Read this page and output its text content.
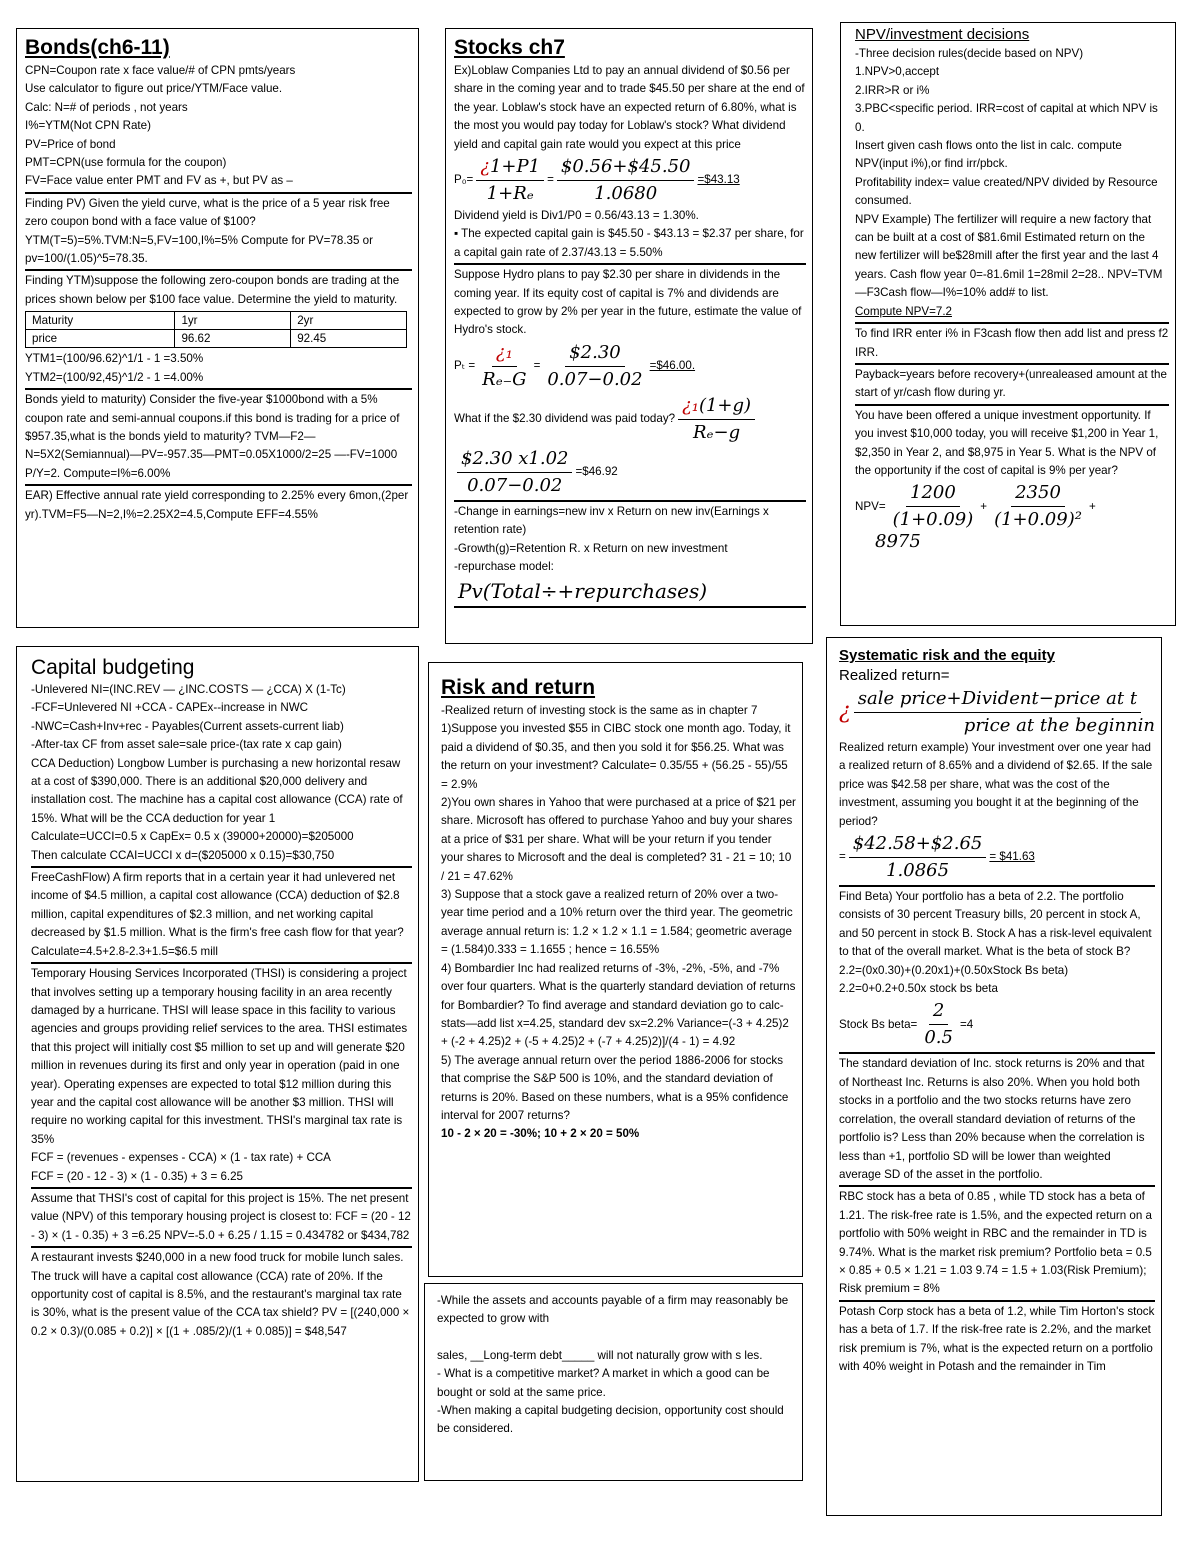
Bonds(ch6-11)
CPN=Coupon rate x face value/# of CPN pmts/years
Use calculator to figure out price/YTM/Face value.
Calc: N=# of periods , not years
I%=YTM(Not CPN Rate)
PV=Price of bond
PMT=CPN(use formula for the coupon)
FV=Face value enter PMT and FV as +, but PV as –
Finding PV) Given the yield curve, what is the price of a 5 year risk free zero coupon bond with a face value of $100?
YTM(T=5)=5%.TVM:N=5,FV=100,I%=5% Compute for PV=78.35 or pv=100/(1.05)^5=78.35.
Finding YTM)suppose the following zero-coupon bonds are trading at the prices shown below per $100 face value. Determine the yield to maturity.
Maturity	1yr	2yr
price	96.62	92.45
YTM1=(100/96.62)^1/1 - 1 =3.50%
YTM2=(100/92,45)^1/2 - 1 =4.00%
Bonds yield to maturity) Consider the five-year $1000bond with a 5% coupon rate and semi-annual coupons.if this bond is trading for a price of $957.35,what is the bonds yield to maturity? TVM—F2—N=5X2(Semiannual)—PV=-957.35—PMT=0.05X1000/2=25 —-FV=1000 P/Y=2. Compute=I%=6.00%
EAR) Effective annual rate yield corresponding to 2.25% every 6mon,(2per yr).TVM=F5—N=2,I%=2.25X2=4.5,Compute EFF=4.55%
Stocks ch7
Ex)Loblaw Companies Ltd to pay an annual dividend of $0.56 per share in the coming year and to trade $45.50 per share at the end of the year. Loblaw's stock have an expected return of 6.80%, what is the most you would pay today for Loblaw's stock? What dividend yield and capital gain rate would you expect at this price
$P_0= \frac{¿1+P1}{\text{1+Rₑ}} = \frac{\$0.56+\$45.50}{1.0680}$ =$43.13
Dividend yield is Div1/P0 = 0.56/43.13 = 1.30%.
▪ The expected capital gain is $45.50 - $43.13 = $2.37 per share, for a capital gain rate of 2.37/43.13 = 5.50%
Suppose Hydro plans to pay $2.30 per share in dividends in the coming year. If its equity cost of capital is 7% and dividends are expected to grow by 2% per year in the future, estimate the value of Hydro's stock.
$P_t = \frac{\text{¿₁}}{\text{Rₑ₋G}} = \frac{\$2.30}{0.07-0.02}$ =$46.00.
What if the $2.30 dividend was paid today? $\frac{\text{¿₁(1+g)}}{\text{Rₑ−g}}$
$\frac{\$2.30 x1.02}{0.07-0.02}$ =$46.92
-Change in earnings=new inv x Return on new inv(Earnings x retention rate)
-Growth(g)=Retention R. x Return on new investment
-repurchase model:
Pv(Total÷+repurchases)
NPV/investment decisions
-Three decision rules(decide based on NPV)
1.NPV>0,accept
2.IRR>R or i%
3.PBC<specific period. IRR=cost of capital at which NPV is 0.
Insert given cash flows onto the list in calc. compute NPV(input i%),or find irr/pbck.
Profitability index= value created/NPV divided by Resource consumed.
NPV Example) The fertilizer will require a new factory that can be built at a cost of $81.6mil Estimated return on the new fertilizer will be$28mill after the first year and the last 4 years. Cash flow year 0=-81.6mil 1=28mil 2=28.. NPV=TVM—F3Cash flow—I%=10% add# to list.
Compute NPV=7.2
To find IRR enter i% in F3cash flow then add list and press f2 IRR.
Payback=years before recovery+(unrealeased amount at the start of yr/cash flow during yr.
You have been offered a unique investment opportunity. If you invest $10,000 today, you will receive $1,200 in Year 1, $2,350 in Year 2, and $8,975 in Year 5. What is the NPV of the opportunity if the cost of capital is 9% per year?
$NPV= \frac{1200}{(1+0.09)} + \frac{2350}{\text{(1+0.09)²}}$ +
8975
Capital budgeting
-Unlevered NI=(INC.REV — ¿INC.COSTS — ¿CCA) X (1-Tc)
-FCF=Unlevered NI +CCA - CAPEx--increase in NWC
-NWC=Cash+Inv+rec - Payables(Current assets-current liab)
-After-tax CF from asset sale=sale price-(tax rate x cap gain)
CCA Deduction) Longbow Lumber is purchasing a new horizontal resaw at a cost of $390,000. There is an additional $20,000 delivery and installation cost. The machine has a capital cost allowance (CCA) rate of 15%. What will be the CCA deduction for year 1
Calculate=UCCI=0.5 x CapEx= 0.5 x (39000+20000)=$205000
Then calculate CCAI=UCCI x d=($205000 x 0.15)=$30,750
FreeCashFlow) A firm reports that in a certain year it had unlevered net income of $4.5 million, a capital cost allowance (CCA) deduction of $2.8 million, capital expenditures of $2.3 million, and net working capital decreased by $1.5 million. What is the firm's free cash flow for that year? Calculate=4.5+2.8-2.3+1.5=$6.5 mill
Temporary Housing Services Incorporated (THSI) is considering a project that involves setting up a temporary housing facility in an area recently damaged by a hurricane. THSI will lease space in this facility to various agencies and groups providing relief services to the area. THSI estimates that this project will initially cost $5 million to set up and will generate $20 million in revenues during its first and only year in operation (paid in one year). Operating expenses are expected to total $12 million during this year and the capital cost allowance will be another $3 million. THSI will require no working capital for this investment. THSI's marginal tax rate is 35%
FCF = (revenues - expenses - CCA) × (1 - tax rate) + CCA
FCF = (20 - 12 - 3) × (1 - 0.35) + 3 = 6.25
Assume that THSI's cost of capital for this project is 15%. The net present value (NPV) of this temporary housing project is closest to: FCF = (20 - 12 - 3) × (1 - 0.35) + 3 =6.25 NPV=-5.0 + 6.25 / 1.15 = 0.434782 or $434,782
A restaurant invests $240,000 in a new food truck for mobile lunch sales. The truck will have a capital cost allowance (CCA) rate of 20%. If the opportunity cost of capital is 8.5%, and the restaurant's marginal tax rate is 30%, what is the present value of the CCA tax shield? PV = [(240,000 × 0.2 × 0.3)/(0.085 + 0.2)] × [(1 + .085/2)/(1 + 0.085)] = $48,547
Risk and return
-Realized return of investing stock is the same as in chapter 7
1)Suppose you invested $55 in CIBC stock one month ago. Today, it paid a dividend of $0.35, and then you sold it for $56.25. What was the return on your investment? Calculate= 0.35/55 + (56.25 - 55)/55 = 2.9%
2)You own shares in Yahoo that were purchased at a price of $21 per share. Microsoft has offered to purchase Yahoo and buy your shares at a price of $31 per share. What will be your return if you tender your shares to Microsoft and the deal is completed? 31 - 21 = 10; 10 / 21 = 47.62%
3) Suppose that a stock gave a realized return of 20% over a two-year time period and a 10% return over the third year. The geometric average annual return is: 1.2 × 1.2 × 1.1 = 1.584; geometric average = (1.584)0.333 = 1.1655 ; hence = 16.55%
4) Bombardier Inc had realized returns of -3%, -2%, -5%, and -7% over four quarters. What is the quarterly standard deviation of returns for Bombardier? To find average and standard deviation go to calc-stats—add list x=4.25, standard dev sx=2.2% Variance=(-3 + 4.25)2 + (-2 + 4.25)2 + (-5 + 4.25)2 + (-7 + 4.25)2)]/(4 - 1) = 4.92
5) The average annual return over the period 1886-2006 for stocks that comprise the S&P 500 is 10%, and the standard deviation of returns is 20%. Based on these numbers, what is a 95% confidence interval for 2007 returns?
10 - 2 × 20 = -30%; 10 + 2 × 20 = 50%
-While the assets and accounts payable of a firm may reasonably be expected to grow with
sales, __Long-term debt_____ will not naturally grow with s les.
- What is a competitive market? A market in which a good can be bought or sold at the same price.
-When making a capital budgeting decision, opportunity cost should be considered.
Systematic risk and the equity
Realized return=
¿ $\frac{\text{sale price+Divident−price at t}}{\text{price at the beginnin}}$
Realized return example) Your investment over one year had a realized return of 8.65% and a dividend of $2.65. If the sale price was $42.58 per share, what was the cost of the investment, assuming you bought it at the beginning of the period?
= $\frac{\$42.58+\$2.65}{1.0865}$ = $41.63
Find Beta) Your portfolio has a beta of 2.2. The portfolio consists of 30 percent Treasury bills, 20 percent in stock A, and 50 percent in stock B. Stock A has a risk-level equivalent to that of the overall market. What is the beta of stock B? 2.2=(0x0.30)+(0.20x1)+(0.50xStock Bs beta) 2.2=0+0.2+0.50x stock bs beta
Stock Bs beta= $\frac{2}{0.5} =4$
The standard deviation of Inc. stock returns is 20% and that of Northeast Inc. Returns is also 20%. When you hold both stocks in a portfolio and the two stocks returns have zero correlation, the overall standard deviation of returns of the portfolio is? Less than 20% because when the correlation is less than +1, portfolio SD will be lower than weighted average SD of the asset in the portfolio.
RBC stock has a beta of 0.85 , while TD stock has a beta of 1.21. The risk-free rate is 1.5%, and the expected return on a portfolio with 50% weight in RBC and the remainder in TD is 9.74%. What is the market risk premium? Portfolio beta = 0.5 × 0.85 + 0.5 × 1.21 = 1.03 9.74 = 1.5 + 1.03(Risk Premium); Risk premium = 8%
Potash Corp stock has a beta of 1.2, while Tim Horton's stock has a beta of 1.7. If the risk-free rate is 2.2%, and the market risk premium is 7%, what is the expected return on a portfolio with 40% weight in Potash and the remainder in Tim
